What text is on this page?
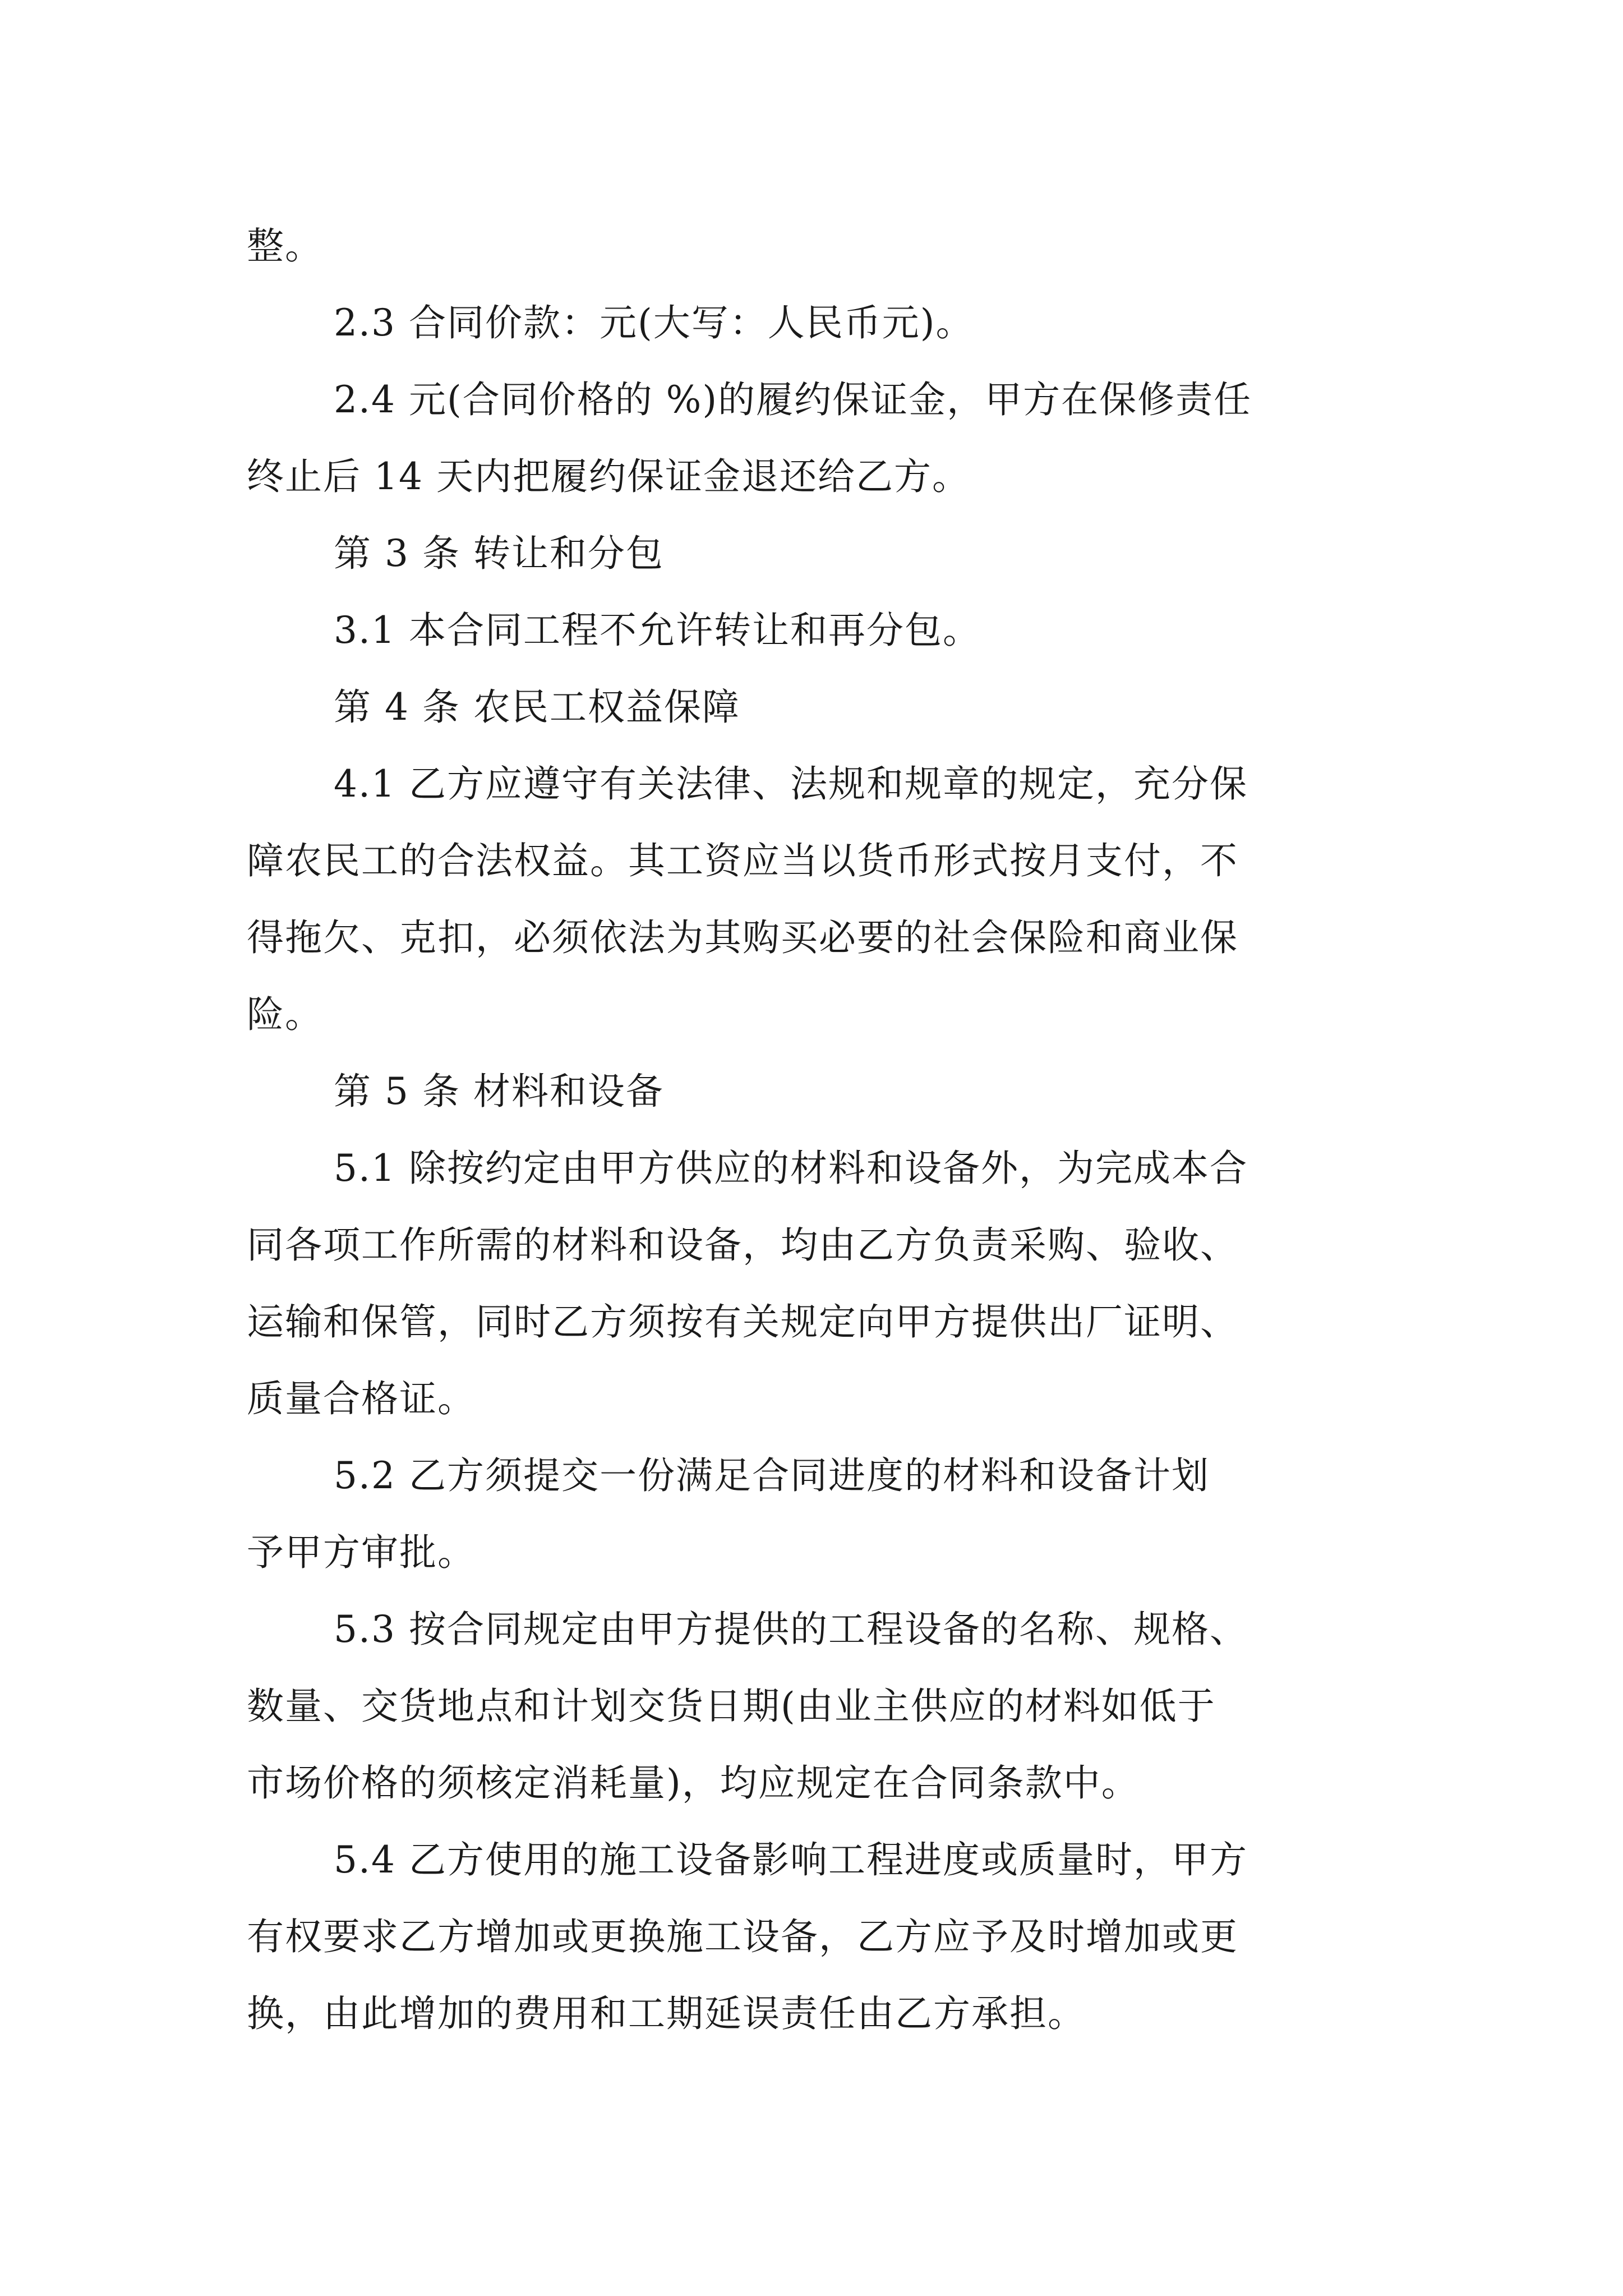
整。

2.3 合同价款：元(大写：人民币元)。

2.4 元(合同价格的 %)的履约保证金，甲方在保修责任
终止后 14 天内把履约保证金退还给乙方。

第 3 条 转让和分包

3.1 本合同工程不允许转让和再分包。

第 4 条 农民工权益保障

4.1 乙方应遵守有关法律、法规和规章的规定，充分保
障农民工的合法权益。其工资应当以货币形式按月支付，不
得拖欠、克扣，必须依法为其购买必要的社会保险和商业保
险。

第 5 条 材料和设备

5.1 除按约定由甲方供应的材料和设备外，为完成本合
同各项工作所需的材料和设备，均由乙方负责采购、验收、
运输和保管，同时乙方须按有关规定向甲方提供出厂证明、
质量合格证。

5.2 乙方须提交一份满足合同进度的材料和设备计划
予甲方审批。

5.3 按合同规定由甲方提供的工程设备的名称、规格、
数量、交货地点和计划交货日期(由业主供应的材料如低于
市场价格的须核定消耗量)，均应规定在合同条款中。

5.4 乙方使用的施工设备影响工程进度或质量时，甲方
有权要求乙方增加或更换施工设备，乙方应予及时增加或更
换，由此增加的费用和工期延误责任由乙方承担。
